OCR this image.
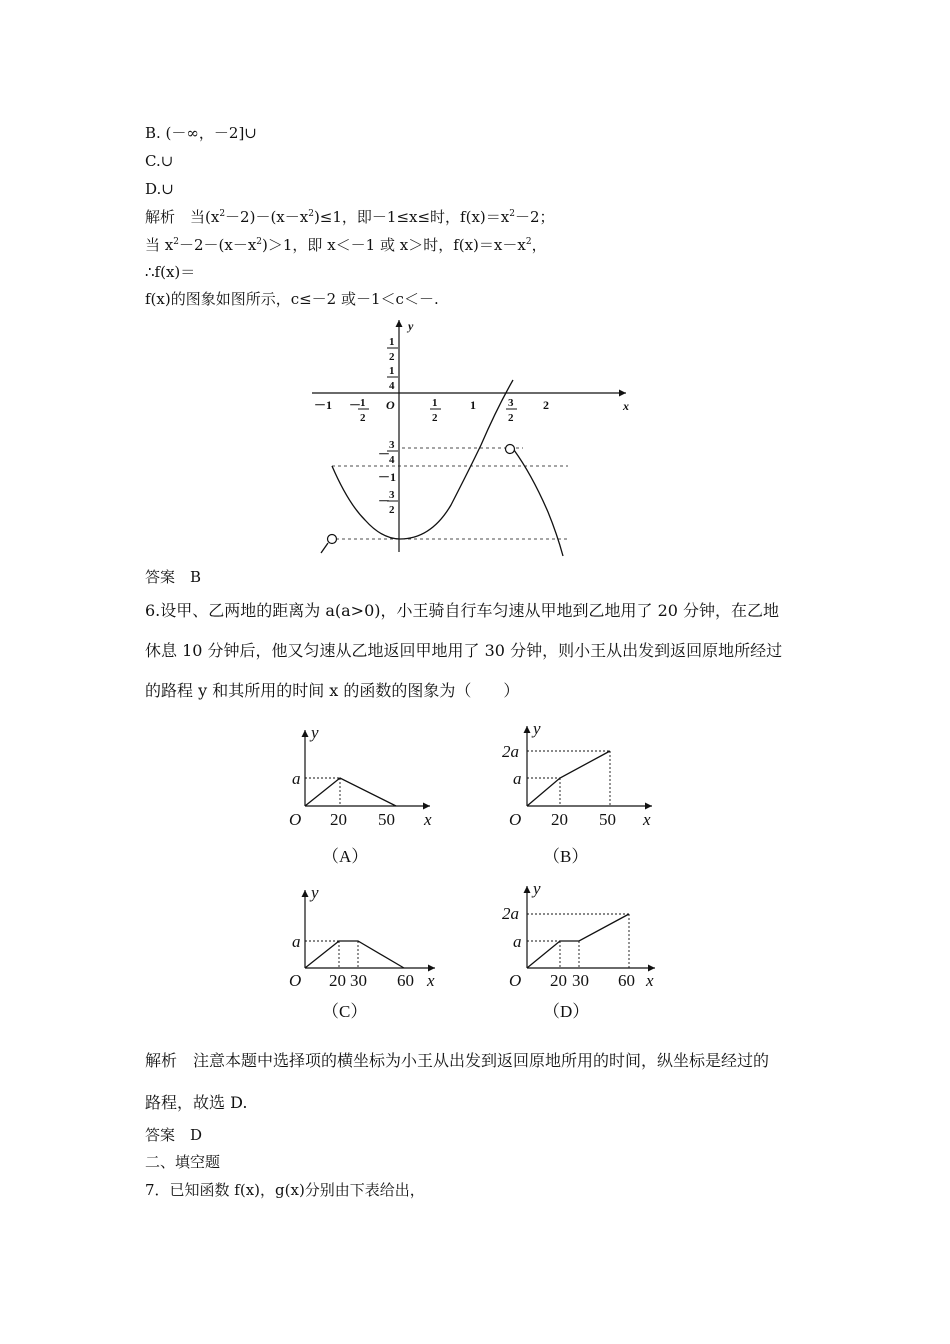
B. (－∞，－2]∪
C.∪
D.∪
解析　当$(x^2-2)-(x-x^2)\le 1$，即－1≤x≤时，$f(x)=x^2-2$；
当 $x^2-2-(x-x^2)>1$，即 x＜－1 或 x＞时，$f(x)=x-x^2$，
∴f(x)＝
f(x)的图象如图所示，c≤－2 或－1＜c＜－.
x
y
O
－1 －
1
2
1
2
1	3
2
2
1
2
1
4
－
3
4
－1
－
3
2
答案　B
6.设甲、乙两地的距离为 a(a>0)，小王骑自行车匀速从甲地到乙地用了 20 分钟，在乙地
休息 10 分钟后，他又匀速从乙地返回甲地用了 30 分钟，则小王从出发到返回原地所经过
的路程 y 和其所用的时间 x 的函数的图象为（　　）
y
x
O
a
20 50
（A）
y
x
O
a
2a
20 50
（B）
y
x
O
a
20 30 60
（C）
y
x
O
a
2a
20 30 60
（D）
解析　注意本题中选择项的横坐标为小王从出发到返回原地所用的时间，纵坐标是经过的
路程，故选 D.
答案　D
二、填空题
7．已知函数 f(x)，g(x)分别由下表给出，
